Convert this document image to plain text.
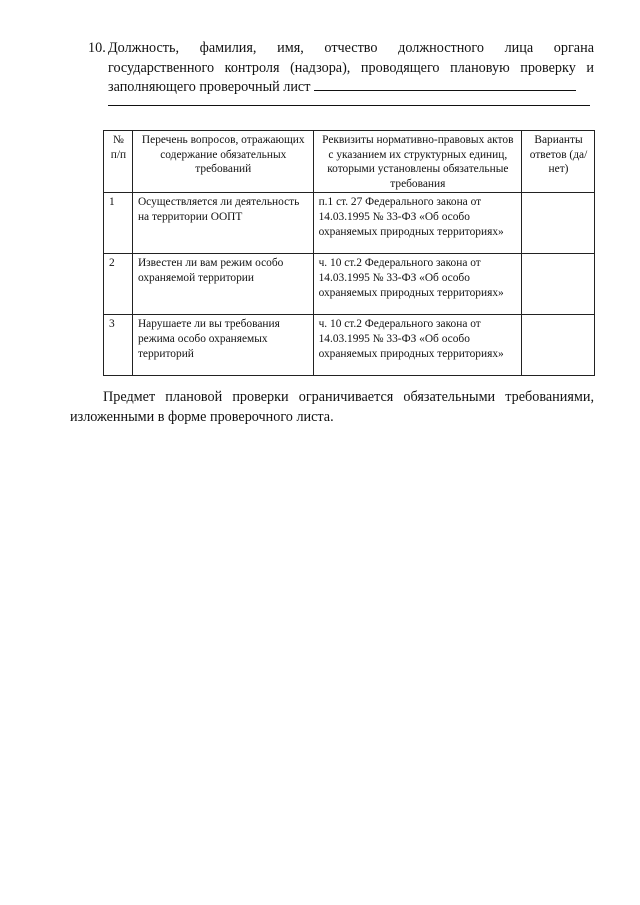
10. Должность, фамилия, имя, отчество должностного лица органа
государственного контроля (надзора), проводящего плановую проверку и
заполняющего проверочный лист
№ п/п	Перечень вопросов, отражающих содержание обязательных требований	Реквизиты нормативно-правовых актов с указанием их структурных единиц, которыми установлены обязательные требования	Варианты ответов (да/нет)
1	Осуществляется ли деятельность на территории ООПТ	п.1 ст. 27 Федерального закона от 14.03.1995 № 33-ФЗ «Об особо охраняемых природных территориях»	
2	Известен ли вам режим особо охраняемой территории	ч. 10 ст.2 Федерального закона от 14.03.1995 № 33-ФЗ «Об особо охраняемых природных территориях»	
3	Нарушаете ли вы требования режима особо охраняемых территорий	ч. 10 ст.2 Федерального закона от 14.03.1995 № 33-ФЗ «Об особо охраняемых природных территориях»	
Предмет плановой проверки ограничивается обязательными требованиями,
изложенными в форме проверочного листа.
